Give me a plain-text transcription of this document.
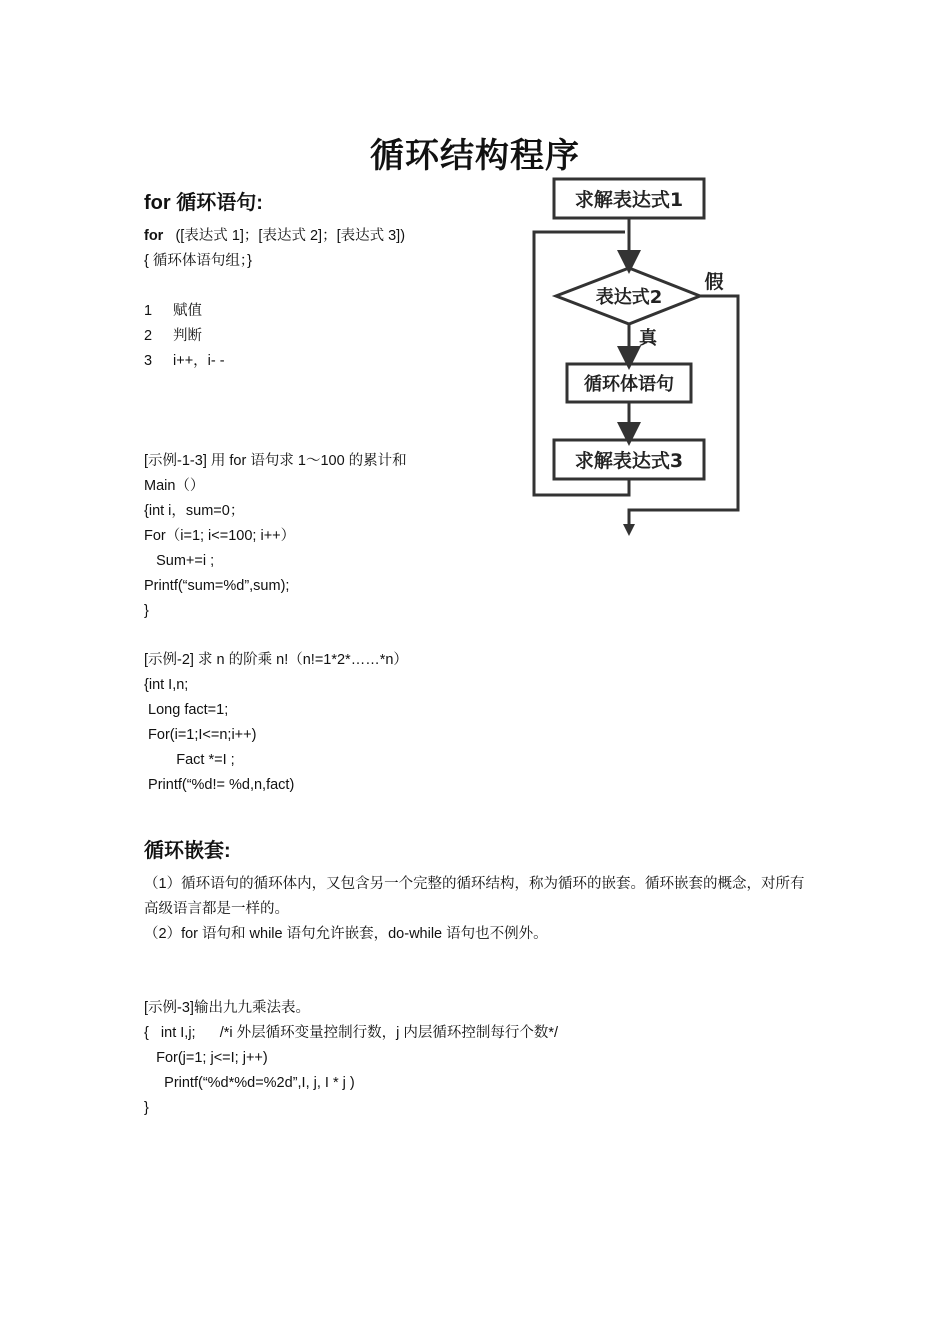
循环结构程序
for 循环语句:
for ([表达式 1]；[表达式 2]；[表达式 3])
{ 循环体语句组；}
1 赋值
2 判断
3 i++，i- -
求解表达式1
表达式2
假
真
循环体语句
求解表达式3
[示例-1-3] 用 for 语句求 1～100 的累计和
Main（）
{int i，sum=0；
For（i=1; i<=100; i++）
Sum+=i ;
Printf(“sum=%d”,sum);
}
[示例-2] 求 n 的阶乘 n!（n!=1*2*……*n）
{int I,n;
Long fact=1;
For(i=1;I<=n;i++)
Fact *=I ;
Printf(“%d!= %d,n,fact)
循环嵌套:
（1）循环语句的循环体内，又包含另一个完整的循环结构，称为循环的嵌套。循环嵌套的概念，对所有高级语言都是一样的。
（2）for 语句和 while 语句允许嵌套，do-while 语句也不例外。
[示例-3]输出九九乘法表。
{   int I,j;      /*i 外层循环变量控制行数，j 内层循环控制每行个数*/
For(j=1; j<=I; j++)
Printf(“%d*%d=%2d”,I, j, I * j )
}
